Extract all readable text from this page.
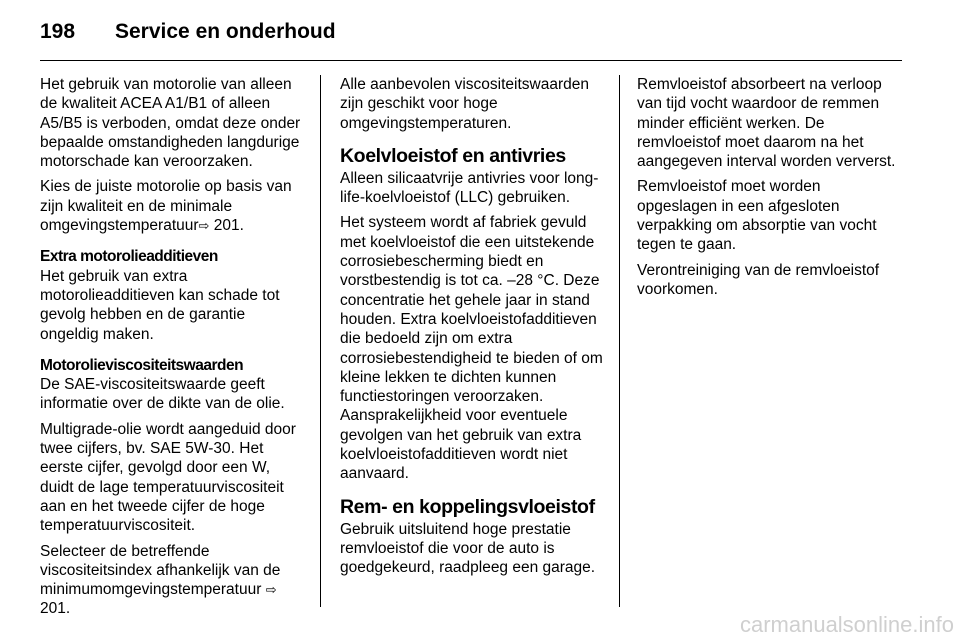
198 Service en onderhoud

Het gebruik van motorolie van alleen de kwaliteit ACEA A1/B1 of alleen A5/B5 is verboden, omdat deze onder bepaalde omstandigheden langdurige motorschade kan veroorzaken.

Kies de juiste motorolie op basis van zijn kwaliteit en de minimale omgevingstemperatuur⇨ 201.

Extra motorolieadditieven

Het gebruik van extra motorolieadditieven kan schade tot gevolg hebben en de garantie ongeldig maken.

Motorolieviscositeitswaarden

De SAE-viscositeitswaarde geeft informatie over de dikte van de olie.

Multigrade-olie wordt aangeduid door twee cijfers, bv. SAE 5W-30. Het eerste cijfer, gevolgd door een W, duidt de lage temperatuurviscositeit aan en het tweede cijfer de hoge temperatuurviscositeit.

Selecteer de betreffende viscositeitsindex afhankelijk van de minimumomgevingstemperatuur ⇨ 201.

Alle aanbevolen viscositeitswaarden zijn geschikt voor hoge omgevingstemperaturen.

Koelvloeistof en antivries

Alleen silicaatvrije antivries voor long-life-koelvloeistof (LLC) gebruiken.

Het systeem wordt af fabriek gevuld met koelvloeistof die een uitstekende corrosiebescherming biedt en vorstbestendig is tot ca. –28 °C. Deze concentratie het gehele jaar in stand houden. Extra koelvloeistofadditieven die bedoeld zijn om extra corrosiebestendigheid te bieden of om kleine lekken te dichten kunnen functiestoringen veroorzaken. Aansprakelijkheid voor eventuele gevolgen van het gebruik van extra koelvloeistofadditieven wordt niet aanvaard.

Rem- en koppelingsvloeistof

Gebruik uitsluitend hoge prestatie remvloeistof die voor de auto is goedgekeurd, raadpleeg een garage.

Remvloeistof absorbeert na verloop van tijd vocht waardoor de remmen minder efficiënt werken. De remvloeistof moet daarom na het aangegeven interval worden ververst.

Remvloeistof moet worden opgeslagen in een afgesloten verpakking om absorptie van vocht tegen te gaan.

Verontreiniging van de remvloeistof voorkomen.

carmanualsonline.info
